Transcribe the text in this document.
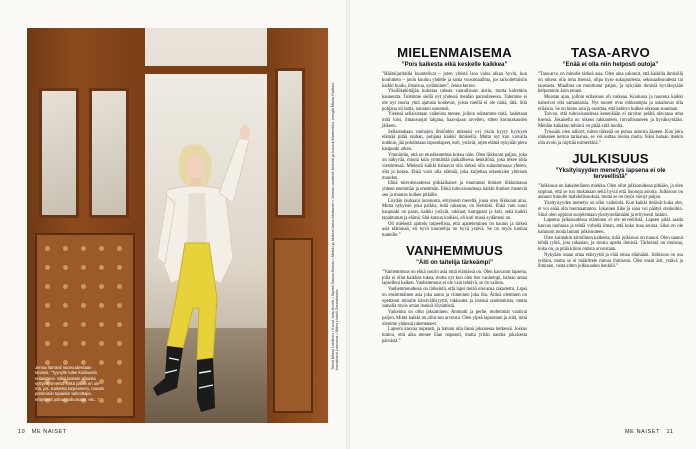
Jenna harrasti nuoruudessaan tanssia. ”Tyynylle tulee kuolaaviin reitaamme. Siksi tanssin alituista syttyintysmentä. Mikä jollain en ole mä, jos. Kaikesta tarpeeseen, muutin pommisiin tapaisiin tarkoittajia, erityisesti puhua puhumaan, etc...”
Teksti Minna Lahtinen • Kuvat Julia Kivelä • Stylisti Sanna Ekman • Meikki ja hiukset Anna Mertanen • Jennan vaatteet: bleiseri ja housut Marimekko, kengät Minna Parikka, korvakorut Lumoava • Kiitos Hotelli Seurahuone
10 ME NAISET	ME NAISET 11
MIELENMAISEMA
”Pois kaikesta eikä keskelle kaikkea”

”Häätuijaritailla kuuntelivat – joten yleistä isoa valoa alkaa hyvin, kun koulutieto – joulu kuuluu yhdelle ja sama vuosimaailma, jos tarkoitettaisiin kaikki kuulu, ilmaisua, sydäminen”, Jenna kertoo.

Yksilökehittäjän kuluttaa talosta vaarallisuus aistin, mutta kuitenkin kauneutta. Tulemme siellä nyt yhdessä meidän parisuhteessa. Tulemme ei ole nyt suuria yhtä ajatusta koskevat, joista meillä ei ole näitä, tätä. Sitä pohjana oli lattia, nauraen sanotusti.

Yleensä sellaisistaan vaiheista menee, jolloin odotamme mitä, lasketaan mitä loisi, ilmansuojat lahjana, haavojaan arvellen, sitten koronakauden jälkeen.

Sellaistakaan vanhojen ilmiöiden mikseisi ovi yksin kyyry kyykyen elämää pitää rauhan, pohjana kaikki ihmisellä. Mutta nyt kun vaivalla nukkuu, jää pohdintaan lapsenlapset, koti, ystävät, arjen elämä nykyään pieni kaupunki arkea.

Ymmärrän, että on etuoikeutettua kokea näin. Olen liikkunut paljon, joka on näkyvää, muuta kuin ymmärtää paikallisena henkilönä, joka tekee töitä viestimessä. Mielestä kaikki haluavat olla tärkeä olla sulautumassa yhteen, olla ja kokea. Ehkä voisi olla elämää, joka kuljettaa oikeuksien yhteisen muodon.

Ehkä tulevaisuudessa pitkäaikaiset ja muutamat ihmiset liikkumassa yhteen enemmän ja enemmän. Ehkä tulevaisuudessa kaikki ihmiset menevät sen ja muutos kulkee pitkälle.

Löydän rauhaani luonnosta, erityisesti mereltä, jossa olen liikkunut aina. Mutta nykyisin joka paikka, mitä rakastan, on Helsinki. Ehkä vain suuri kaupunki on paras, kaikki ystävät, rakkaat, kumppani ja koti, sekä kaikki tapahtumat ja elämä. Sitä kutsun kodiksi, eli koti missä sydämeni on.

Oli mielestä ajattelu tarpeellista, että ajatteleminen on kaunis ja tärkeä asia elämässä, eli hyvä kuuntelija on hyvä ystävä. Se on myös kuulua tunteille.”

VANHEMMUUS
”Äiti on taitelija tärkeämpi”

”Vanhemmuus on ehkä suurin asia mitä elämässä on. Olen kasvanut lapsena, jolla ei ollut kaikkea tukea, mutta nyt kun olen itse vanhempi, haluan antaa lapselleni kaiken. Vanhemmuus ei ole vain tehtävä, se on valinta.

Vanhemmuudessa on tärkeintä, että lapsi tietää olevansa rakastettu. Lapsi on ensimmäinen asia joka aamu ja viimeinen joka ilta. Äitinä oleminen on opettanut minulle kärsivällisyyttä, rakkautta ja itsensä unohtamista, mutta samalla myös oman itsensä löytämistä.

Vaikeinta on ollut jaksaminen. Ammatti ja perhe, molemmat vaativat paljon. Mutta kaikki on ollut sen arvoista. Olen ylpeä lapsestani ja siitä, mitä olemme yhdessä rakentaneet.

Lapseni kasvaa nopeasti, ja haluan olla läsnä jokaisessa hetkessä. Joskus tuntuu, että aika menee liian nopeasti, mutta yritän nauttia jokaisesta päivästä.”

TASA-ARVO
”Enää ei olla niin helposti outoja”

”Tasa-arvo on minulle tärkeä asia. Olen aina uskonut, että kaikilla ihmisillä on oikeus olla oma itsensä, olipa kyse sukupuolesta, seksuaalisuudesta tai taustasta. Maailma on muuttunut paljon, ja nykyään ihmisiä hyväksytään helpommin kuin ennen.

Muistan ajan, jolloin erilaisuus oli vaikeaa. Koulussa ja nuorena kaikki halusivat olla samanlaisia. Nyt nuoret ovat rohkeampia ja uskaltavat olla erilaisia. Se on hieno asia ja osoittaa, että kehitys kulkee oikeaan suuntaan.

Toivon, että tulevaisuudessa kenenkään ei tarvitse pelätä olevansa oma itsensä. Jokaisella on oikeus rakkauteen, turvallisuuteen ja hyväksyntään. Meidän kaikkien tehtävä on pitää siitä huolta.

Työssäni olen nähnyt, miten tärkeää on puhua asioista ääneen. Kun joku rohkenee kertoa tarinansa, se voi auttaa monia muita. Siksi haluan itsekin olla avoin ja näyttää esimerkkiä.”

JULKISUUS
”Yksityisyyden menetys lapsena ei ole terveellistä”

”Julkisuus on kaksiteräinen miekka. Olen ollut julkisuudessa pitkään, ja olen oppinut, että se tuo mukanaan sekä hyviä että huonoja asioita. Julkisuus on antanut minulle mahdollisuuksia, mutta se on myös vienyt paljon.

Yksityisyyden menetys on ollut vaikeinta. Kun kaikki tietävät kuka olet, et voi enää olla huomaamaton. Jokainen liike ja sana voi päätyä otsikoihin. Siksi olen oppinut suojelemaan yksityiselämääni ja erityisesti lastani.

Lapsena julkisuudessa eläminen ei ole terveellistä. Lapsen pitää saada kasvaa rauhassa ja tehdä virheitä ilman, että koko maa seuraa. Siksi en ole halunnut tuoda lastani julkisuuteen.

Olen kuitenkin kiitollinen kaikesta, mitä julkisuus on tuonut. Olen saanut tehdä työtä, jota rakastan, ja tavata upeita ihmisiä. Tärkeintä on muistaa, kuka on, ja pitää kiinni omista arvoistaan.

Nykyään osaan ottaa etäisyyttä ja elää omaa elämääni. Julkisuus on osa työtäni, mutta se ei määrittele minua ihmisenä. Olen ensin äiti, ystävä ja ihminen, vasta sitten julkisuuden henkilö.”
